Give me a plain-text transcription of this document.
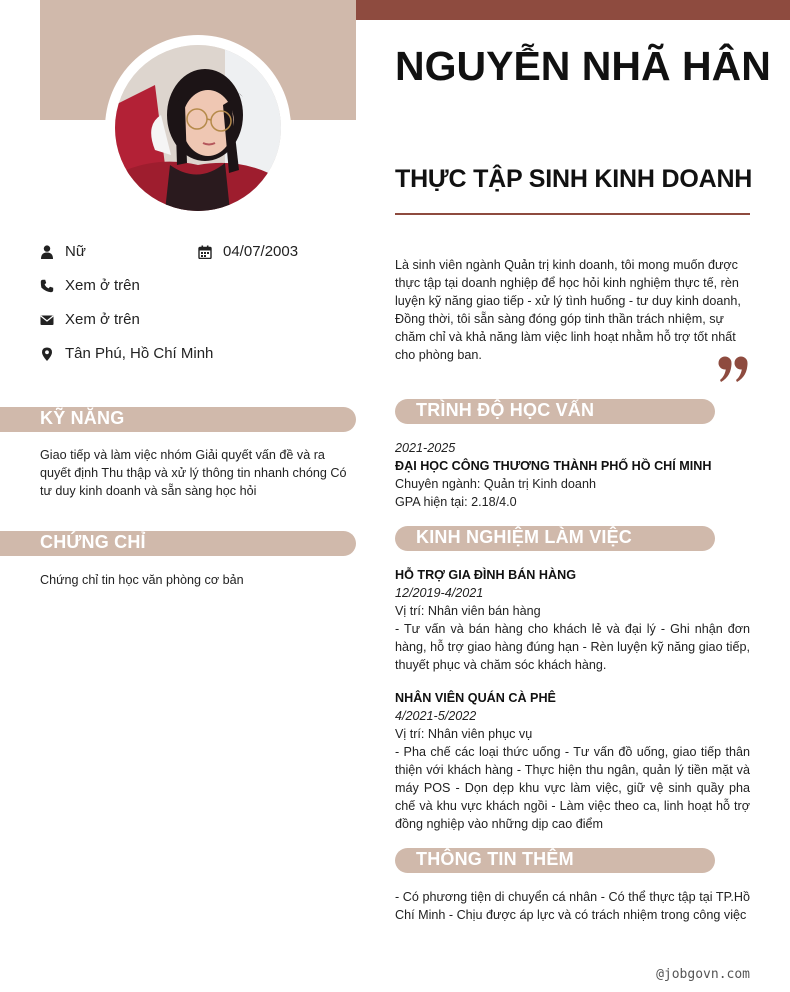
Nữ	04/07/2003
Xem ở trên
Xem ở trên
Tân Phú, Hồ Chí Minh
KỸ NĂNG
Giao tiếp và làm việc nhóm Giải quyết vấn đề và ra quyết định Thu thập và xử lý thông tin nhanh chóng Có tư duy kinh doanh và sẵn sàng học hỏi
CHỨNG CHỈ
Chứng chỉ tin học văn phòng cơ bản
NGUYỄN NHÃ HÂN
THỰC TẬP SINH KINH DOANH
Là sinh viên ngành Quản trị kinh doanh, tôi mong muốn được thực tập tại doanh nghiệp để học hỏi kinh nghiệm thực tế, rèn luyện kỹ năng giao tiếp - xử lý tình huống - tư duy kinh doanh, Đồng thời, tôi sẵn sàng đóng góp tinh thần trách nhiệm, sự chăm chỉ và khả năng làm việc linh hoạt nhằm hỗ trợ tốt nhất cho phòng ban.
TRÌNH ĐỘ HỌC VẤN
2021-2025
ĐẠI HỌC CÔNG THƯƠNG THÀNH PHỐ HỒ CHÍ MINH
Chuyên ngành: Quản trị Kinh doanh
GPA hiện tại: 2.18/4.0
KINH NGHIỆM LÀM VIỆC
HỖ TRỢ GIA ĐÌNH BÁN HÀNG
12/2019-4/2021
Vị trí: Nhân viên bán hàng
- Tư vấn và bán hàng cho khách lẻ và đại lý - Ghi nhận đơn hàng, hỗ trợ giao hàng đúng hạn - Rèn luyện kỹ năng giao tiếp, thuyết phục và chăm sóc khách hàng.
NHÂN VIÊN QUÁN CÀ PHÊ
4/2021-5/2022
Vị trí: Nhân viên phục vụ
- Pha chế các loại thức uống - Tư vấn đồ uống, giao tiếp thân thiện với khách hàng - Thực hiện thu ngân, quản lý tiền mặt và máy POS - Dọn dẹp khu vực làm việc, giữ vệ sinh quầy pha chế và khu vực khách ngồi - Làm việc theo ca, linh hoạt hỗ trợ đồng nghiệp vào những dịp cao điểm
THÔNG TIN THÊM
- Có phương tiện di chuyển cá nhân - Có thể thực tập tại TP.Hồ Chí Minh - Chịu được áp lực và có trách nhiệm trong công việc
@jobgovn.com
